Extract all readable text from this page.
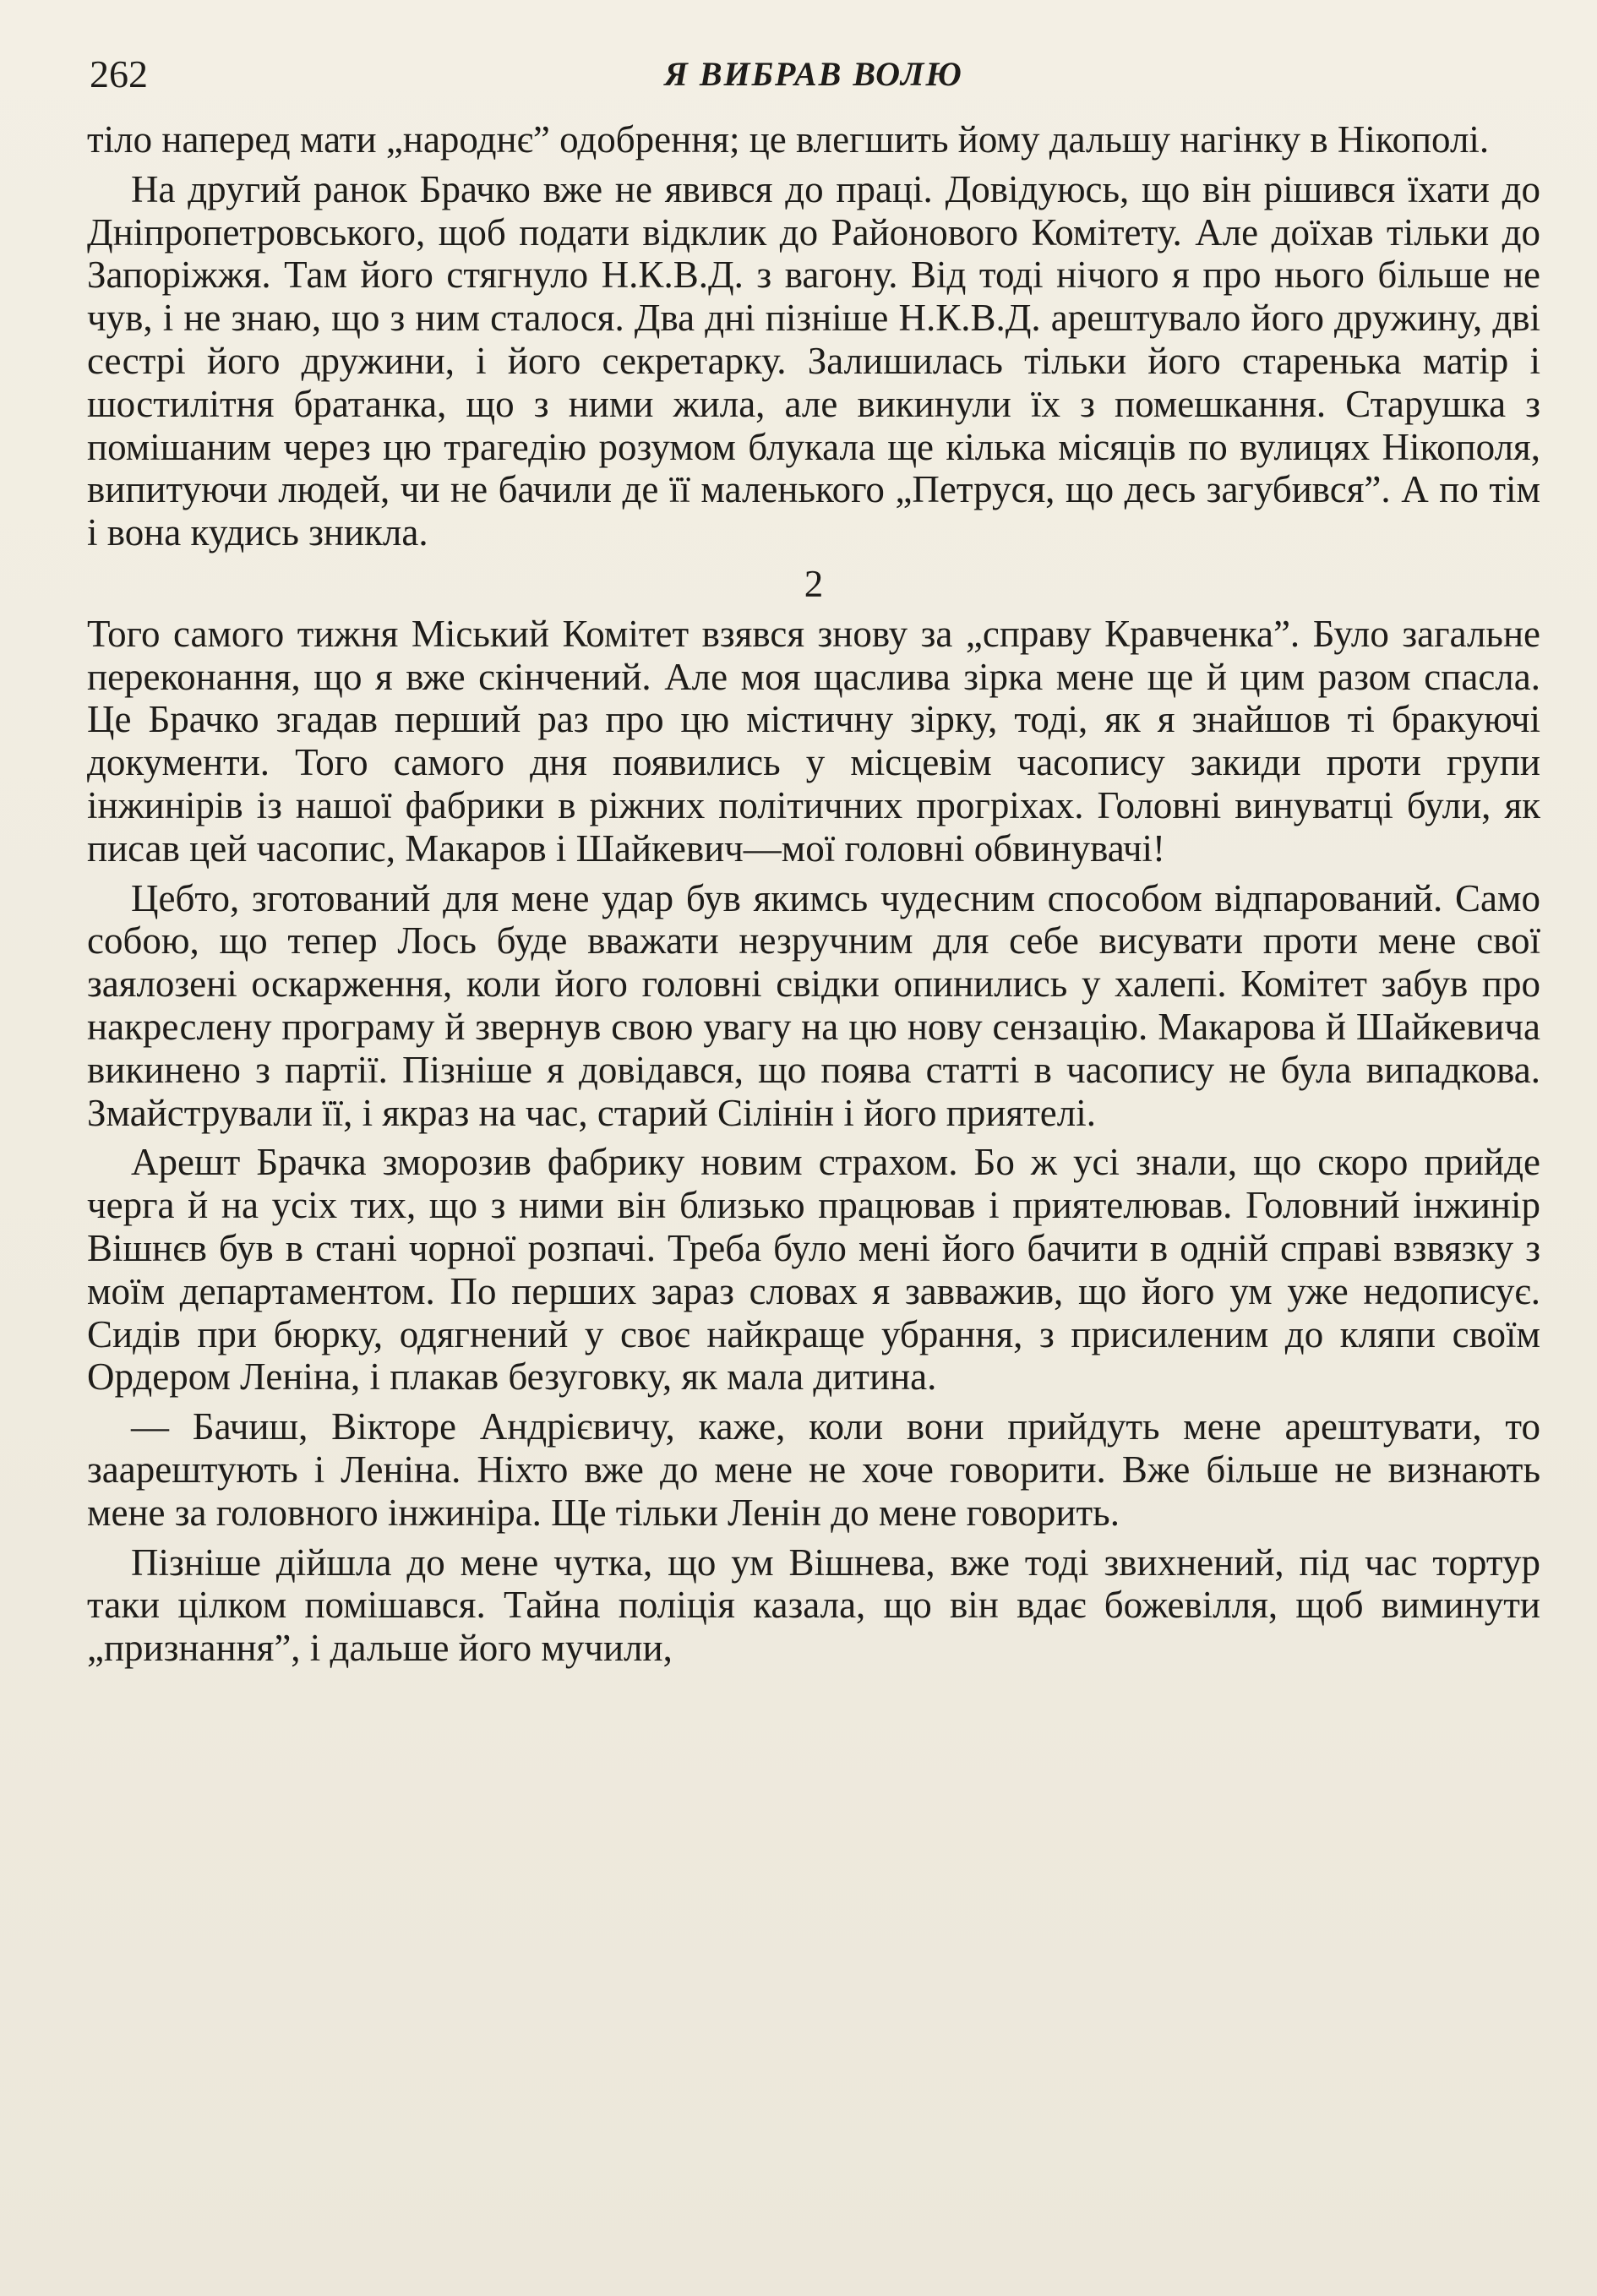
262	Я ВИБРАВ ВОЛЮ

тіло наперед мати „народнє” одобрення; це влегшить йому дальшу нагінку в Нікополі.

На другий ранок Брачко вже не явився до праці. Довідуюсь, що він рішився їхати до Дніпропетровського, щоб подати відклик до Районового Комітету. Але доїхав тільки до Запоріжжя. Там його стягнуло Н.К.В.Д. з вагону. Від тоді нічого я про нього більше не чув, і не знаю, що з ним сталося. Два дні пізніше Н.К.В.Д. арештувало його дружину, дві сестрі його дружини, і його секретарку. Залишилась тільки його старенька матір і шостилітня братанка, що з ними жила, але викинули їх з помешкання. Старушка з помішаним через цю трагедію розумом блукала ще кілька місяців по вулицях Нікополя, випитуючи людей, чи не бачили де її маленького „Петруся, що десь загубився”. А по тім і вона кудись зникла.

2

Того самого тижня Міський Комітет взявся знову за „справу Кравченка”. Було загальне переконання, що я вже скінчений. Але моя щаслива зірка мене ще й цим разом спасла. Це Брачко згадав перший раз про цю містичну зірку, тоді, як я знайшов ті бракуючі документи. Того самого дня появились у місцевім часопису закиди проти групи інжинірів із нашої фабрики в ріжних політичних прогріхах. Головні винуватці були, як писав цей часопис, Макаров і Шайкевич—мої головні обвинувачі!

Цебто, зготований для мене удар був якимсь чудесним способом відпарований. Само собою, що тепер Лось буде вважати незручним для себе висувати проти мене свої заялозені оскарження, коли його головні свідки опинились у халепі. Комітет забув про накреслену програму й звернув свою увагу на цю нову сензацію. Макарова й Шайкевича викинено з партії. Пізніше я довідався, що поява статті в часопису не була випадкова. Змайстрували її, і якраз на час, старий Сілінін і його приятелі.

Арешт Брачка зморозив фабрику новим страхом. Бо ж усі знали, що скоро прийде черга й на усіх тих, що з ними він близько працював і приятелював. Головний інжинір Вішнєв був в стані чорної розпачі. Треба було мені його бачити в одній справі взвязку з моїм департаментом. По перших зараз словах я завважив, що його ум уже недописує. Сидів при бюрку, одягнений у своє найкраще убрання, з присиленим до кляпи своїм Ордером Леніна, і плакав безуговку, як мала дитина.

— Бачиш, Вікторе Андрієвичу, каже, коли вони прийдуть мене арештувати, то заарештують і Леніна. Ніхто вже до мене не хоче говорити. Вже більше не визнають мене за головного інжиніра. Ще тільки Ленін до мене говорить.

Пізніше дійшла до мене чутка, що ум Вішнева, вже тоді звихнений, під час тортур таки цілком помішався. Тайна поліція казала, що він вдає божевілля, щоб виминути „признання”, і дальше його мучили,
